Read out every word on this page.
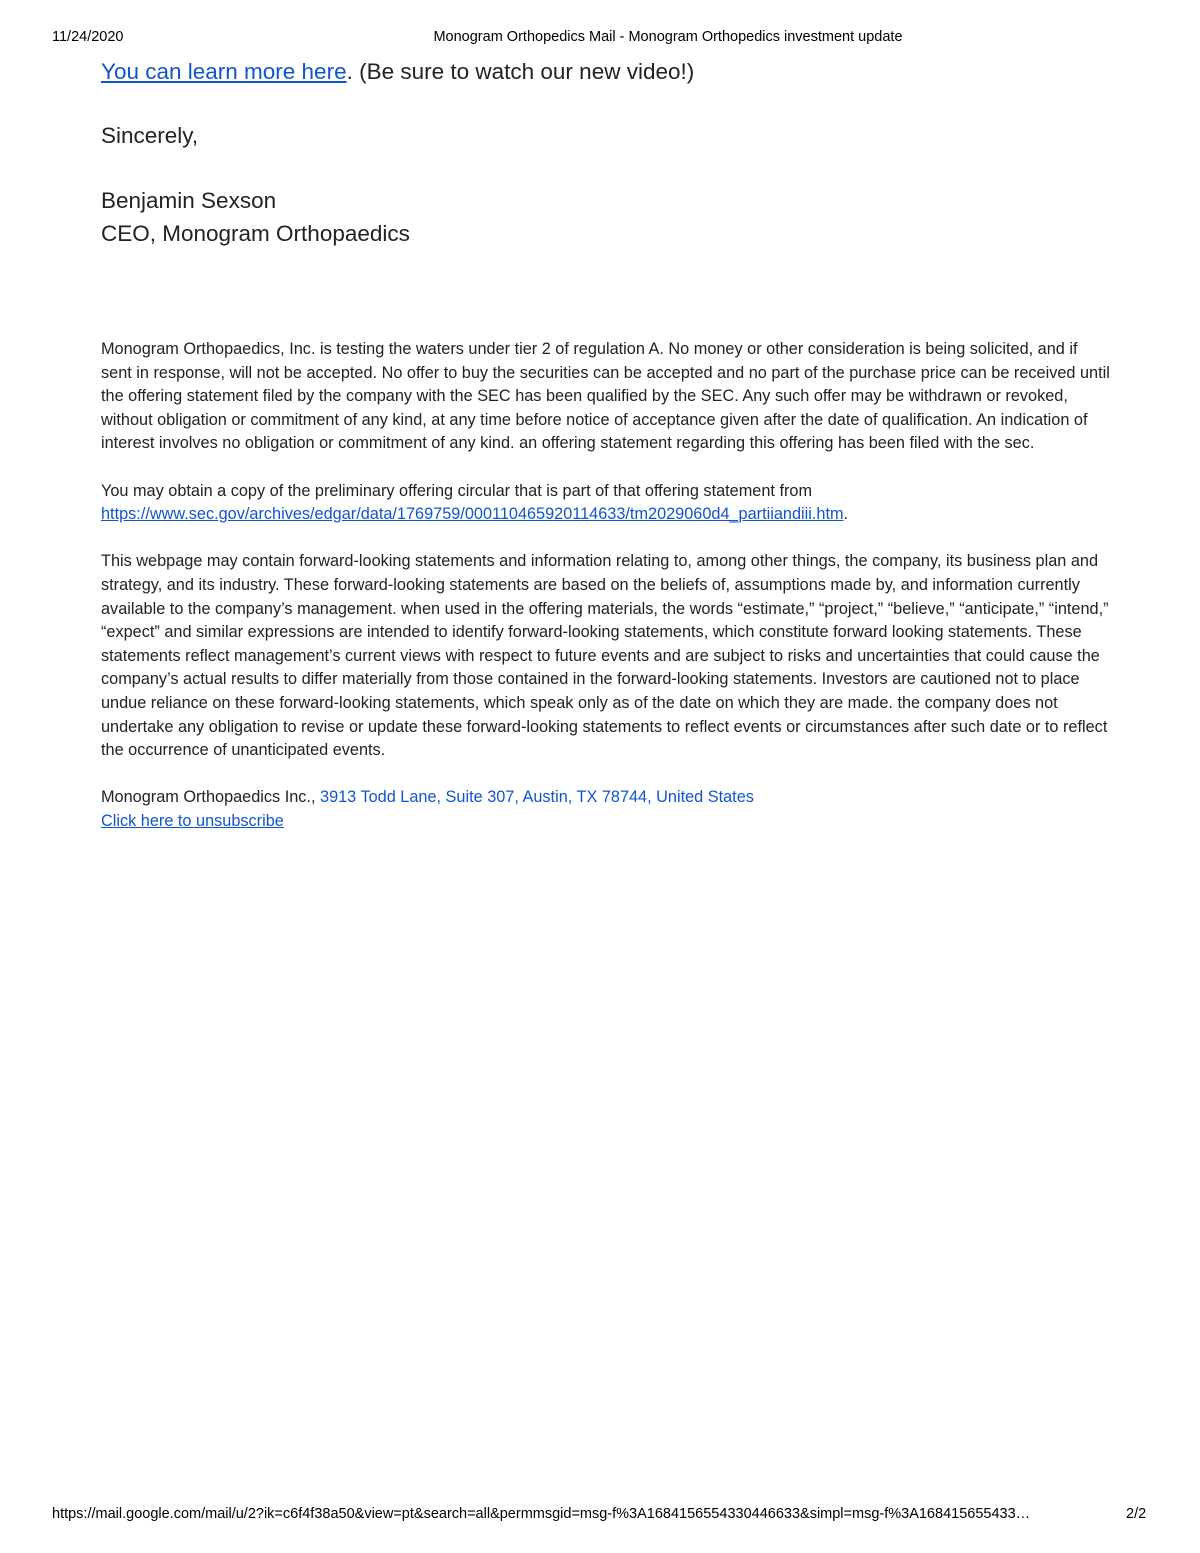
11/24/2020	Monogram Orthopedics Mail - Monogram Orthopedics investment update

You can learn more here. (Be sure to watch our new video!)

Sincerely,

Benjamin Sexson
CEO, Monogram Orthopaedics

Monogram Orthopaedics, Inc. is testing the waters under tier 2 of regulation A. No money or other consideration is being solicited, and if sent in response, will not be accepted. No offer to buy the securities can be accepted and no part of the purchase price can be received until the offering statement filed by the company with the SEC has been qualified by the SEC. Any such offer may be withdrawn or revoked, without obligation or commitment of any kind, at any time before notice of acceptance given after the date of qualification. An indication of interest involves no obligation or commitment of any kind. an offering statement regarding this offering has been filed with the sec.

You may obtain a copy of the preliminary offering circular that is part of that offering statement from
https://www.sec.gov/archives/edgar/data/1769759/000110465920114633/tm2029060d4_partiiandiii.htm.

This webpage may contain forward-looking statements and information relating to, among other things, the company, its business plan and strategy, and its industry. These forward-looking statements are based on the beliefs of, assumptions made by, and information currently available to the company’s management. when used in the offering materials, the words “estimate,” “project,” “believe,” “anticipate,” “intend,” “expect” and similar expressions are intended to identify forward-looking statements, which constitute forward looking statements. These statements reflect management’s current views with respect to future events and are subject to risks and uncertainties that could cause the company’s actual results to differ materially from those contained in the forward-looking statements. Investors are cautioned not to place undue reliance on these forward-looking statements, which speak only as of the date on which they are made. the company does not undertake any obligation to revise or update these forward-looking statements to reflect events or circumstances after such date or to reflect the occurrence of unanticipated events.

Monogram Orthopaedics Inc., 3913 Todd Lane, Suite 307, Austin, TX 78744, United States
Click here to unsubscribe

https://mail.google.com/mail/u/2?ik=c6f4f38a50&view=pt&search=all&permmsgid=msg-f%3A1684156554330446633&simpl=msg-f%3A168415655433…	2/2
